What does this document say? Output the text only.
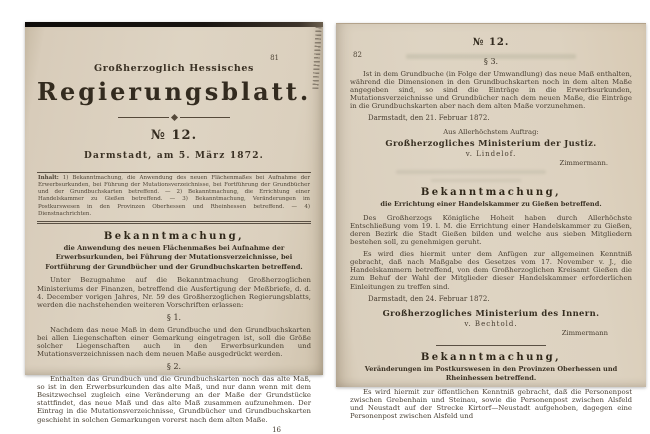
81
Großherzoglich Hessisches
Regierungsblatt.
№ 12.
Darmstadt, am 5. März 1872.
Inhalt: 1) Bekanntmachung, die Anwendung des neuen Flächenmaßes bei Aufnahme der Erwerbsurkunden, bei Führung der Mutationsverzeichnisse, bei Fortführung der Grundbücher und der Grundbuchskarten betreffend. — 2) Bekanntmachung, die Errichtung einer Handelskammer zu Gießen betreffend. — 3) Bekanntmachung, Veränderungen im Postkurswesen in den Provinzen Oberhessen und Rheinhessen betreffend. — 4) Dienstnachrichten.
Bekanntmachung,
die Anwendung des neuen Flächenmaßes bei Aufnahme der Erwerbsurkunden, bei Führung der Mutationsverzeichnisse, bei Fortführung der Grundbücher und der Grundbuchskarten betreffend.
Unter Bezugnahme auf die Bekanntmachung Großherzoglichen Ministeriums der Finanzen, betreffend die Ausfertigung der Meßbriefe, d. d. 4. December vorigen Jahres, Nr. 59 des Großherzoglichen Regierungsblatts, werden die nachstehenden weiteren Vorschriften erlassen:
§ 1.
Nachdem das neue Maß in dem Grundbuche und den Grundbuchskarten bei allen Liegenschaften einer Gemarkung eingetragen ist, soll die Größe solcher Liegenschaften auch in den Erwerbsurkunden und Mutationsverzeichnissen nach dem neuen Maße ausgedrückt werden.
§ 2.
Enthalten das Grundbuch und die Grundbuchskarten noch das alte Maß, so ist in den Erwerbsurkunden das alte Maß, und nur dann wenn mit dem Besitzwechsel zugleich eine Veränderung an der Maße der Grundstücke stattfindet, das neue Maß und das alte Maß zusammen aufzunehmen. Der Eintrag in die Mutationsverzeichnisse, Grundbücher und Grundbuchskarten geschieht in solchen Gemarkungen vorerst nach dem alten Maße.
16
82
№ 12.
§ 3.
Ist in dem Grundbuche (in Folge der Umwandlung) das neue Maß enthalten, während die Dimensionen in den Grundbuchskarten noch in dem alten Maße angegeben sind, so sind die Einträge in die Erwerbsurkunden, Mutationsverzeichnisse und Grundbücher nach dem neuen Maße, die Einträge in die Grundbuchskarten aber nach dem alten Maße vorzunehmen.
Darmstadt, den 21. Februar 1872.
Aus Allerhöchstem Auftrag:
Großherzogliches Ministerium der Justiz.
v. Lindelof.
Zimmermann.
Bekanntmachung,
die Errichtung einer Handelskammer zu Gießen betreffend.
Des Großherzogs Königliche Hoheit haben durch Allerhöchste Entschließung vom 19. l. M. die Errichtung einer Handelskammer zu Gießen, deren Bezirk die Stadt Gießen bilden und welche aus sieben Mitgliedern bestehen soll, zu genehmigen geruht.
Es wird dies hiermit unter dem Anfügen zur allgemeinen Kenntniß gebracht, daß nach Maßgabe des Gesetzes vom 17. November v. J., die Handelskammern betreffend, von dem Großherzoglichen Kreisamt Gießen die zum Behuf der Wahl der Mitglieder dieser Handelskammer erforderlichen Einleitungen zu treffen sind.
Darmstadt, den 24. Februar 1872.
Großherzogliches Ministerium des Innern.
v. Bechtold.
Zimmermann
Bekanntmachung,
Veränderungen im Postkurswesen in den Provinzen Oberhessen und Rheinhessen betreffend.
Es wird hiermit zur öffentlichen Kenntniß gebracht, daß die Personenpost zwischen Grebenhain und Steinau, sowie die Personenpost zwischen Alsfeld und Neustadt auf der Strecke Kirtorf—Neustadt aufgehoben, dagegen eine Personenpost zwischen Alsfeld und
